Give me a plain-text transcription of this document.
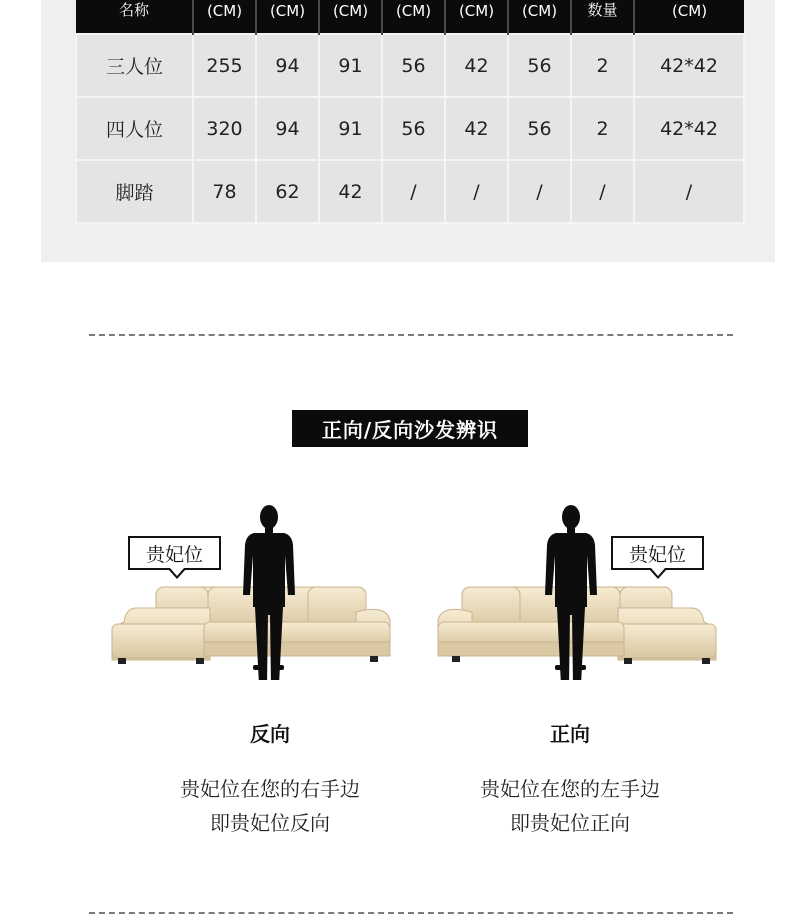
名称	(CM)	(CM)	(CM)	(CM)	(CM)	(CM)	数量	(CM)
三人位	255	94	91	56	42	56	2	42*42
四人位	320	94	91	56	42	56	2	42*42
脚踏	78	62	42	/	/	/	/	/
正向/反向沙发辨识
贵妃位	贵妃位
反向
贵妃位在您的右手边
即贵妃位反向
正向
贵妃位在您的左手边
即贵妃位正向
